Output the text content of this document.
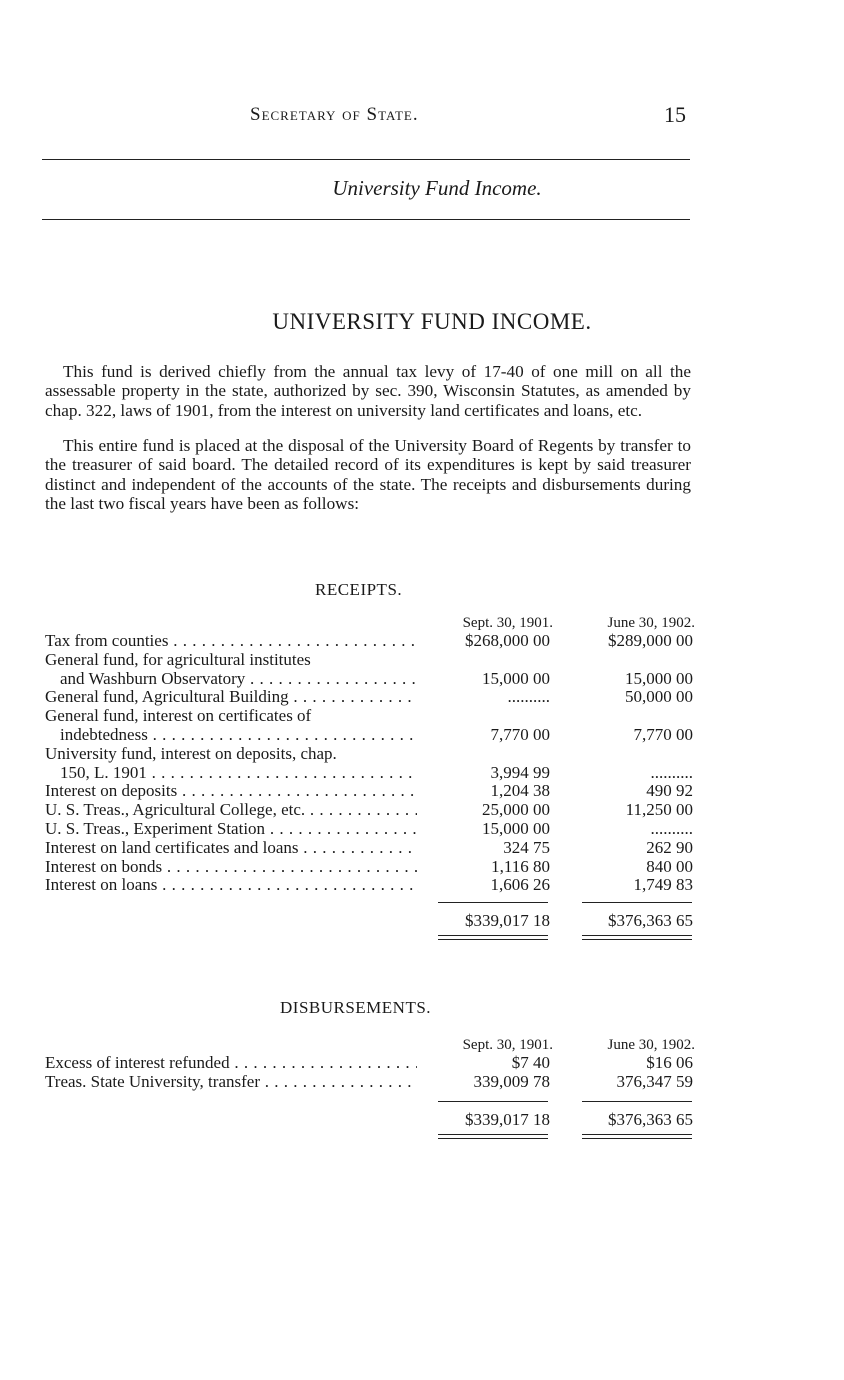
Secretary of State.	15
University Fund Income.
UNIVERSITY FUND INCOME.

This fund is derived chiefly from the annual tax levy of 17-40 of one mill on all the assessable property in the state, authorized by sec. 390, Wisconsin Statutes, as amended by chap. 322, laws of 1901, from the interest on university land certificates and loans, etc.

This entire fund is placed at the disposal of the University Board of Regents by transfer to the treasurer of said board. The detailed record of its expenditures is kept by said treasurer distinct and independent of the accounts of the state. The receipts and disbursements during the last two fiscal years have been as follows:

RECEIPTS.
Sept. 30, 1901.	June 30, 1902.
Tax from counties . . .	$268,000 00	$289,000 00
General fund, for agricultural institutes
and Washburn Observatory . . .	15,000 00	15,000 00
General fund, Agricultural Building . . .	..........	50,000 00
General fund, interest on certificates of
indebtedness . . .	7,770 00	7,770 00
University fund, interest on deposits, chap.
150, L. 1901 . . .	3,994 99	..........
Interest on deposits . . .	1,204 38	490 92
U. S. Treas., Agricultural College, etc. . . .	25,000 00	11,250 00
U. S. Treas., Experiment Station . . .	15,000 00	..........
Interest on land certificates and loans . . .	324 75	262 90
Interest on bonds . . .	1,116 80	840 00
Interest on loans . . .	1,606 26	1,749 83
$339,017 18	$376,363 65
DISBURSEMENTS.
Sept. 30, 1901.	June 30, 1902.
Excess of interest refunded . . .	$7 40	$16 06
Treas. State University, transfer . . .	339,009 78	376,347 59
$339,017 18	$376,363 65
